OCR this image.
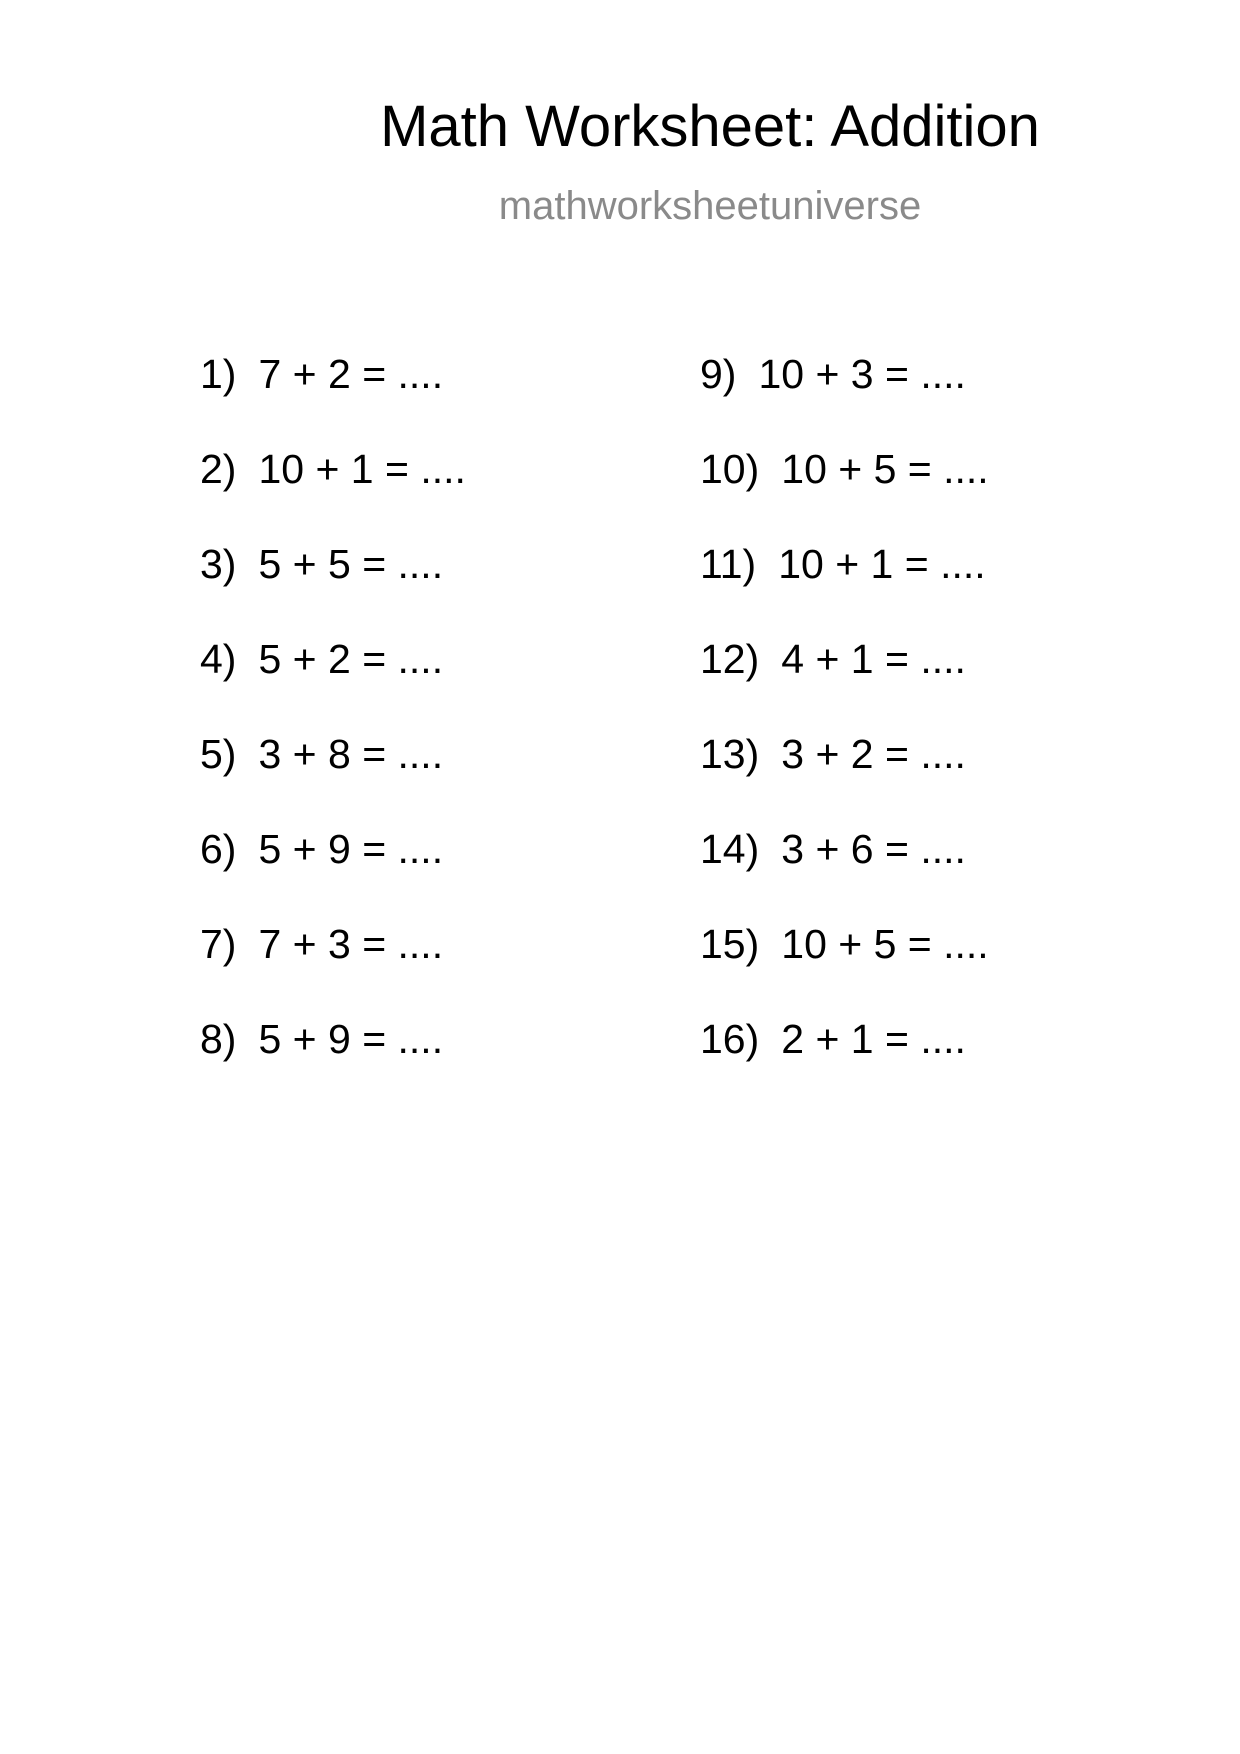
Math Worksheet: Addition
mathworksheetuniverse
1) 7 + 2 = ....
2) 10 + 1 = ....
3) 5 + 5 = ....
4) 5 + 2 = ....
5) 3 + 8 = ....
6) 5 + 9 = ....
7) 7 + 3 = ....
8) 5 + 9 = ....
9) 10 + 3 = ....
10) 10 + 5 = ....
11) 10 + 1 = ....
12) 4 + 1 = ....
13) 3 + 2 = ....
14) 3 + 6 = ....
15) 10 + 5 = ....
16) 2 + 1 = ....
